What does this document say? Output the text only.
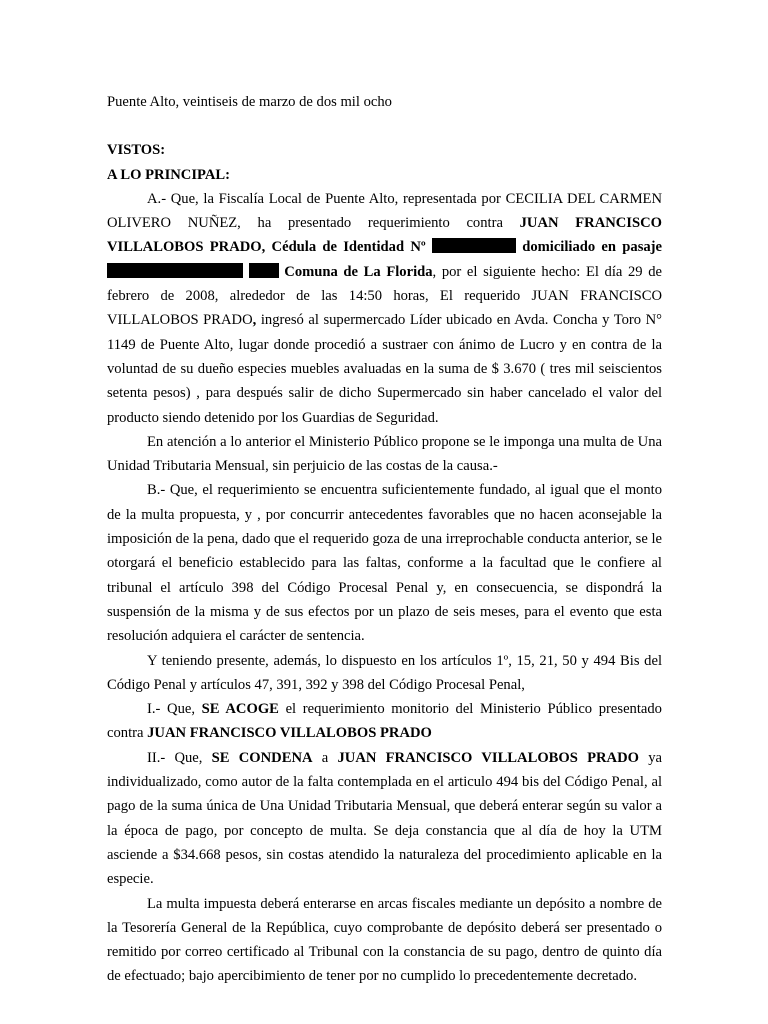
Puente Alto, veintiseis de marzo de dos mil ocho

VISTOS:

A LO PRINCIPAL:

A.- Que, la Fiscalía Local de Puente Alto, representada por CECILIA DEL CARMEN OLIVERO NUÑEZ, ha presentado requerimiento contra JUAN FRANCISCO VILLALOBOS PRADO, Cédula de Identidad Nº	domiciliado en pasaje   Comuna de La Florida, por el siguiente hecho: El día 29 de febrero de 2008, alrededor de las 14:50 horas, El requerido JUAN FRANCISCO VILLALOBOS PRADO, ingresó al supermercado Líder ubicado en Avda. Concha y Toro N° 1149 de Puente Alto, lugar donde procedió a sustraer con ánimo de Lucro y en contra de la voluntad de su dueño especies muebles avaluadas en la suma de $ 3.670 ( tres mil seiscientos setenta pesos) , para después salir de dicho Supermercado sin haber cancelado el valor del producto siendo detenido por los Guardias de Seguridad.

En atención a lo anterior el Ministerio Público propone se le imponga una multa de Una Unidad Tributaria Mensual, sin perjuicio de las costas de la causa.-

B.- Que, el requerimiento se encuentra suficientemente fundado, al igual que el monto de la multa propuesta, y , por concurrir antecedentes favorables que no hacen aconsejable la imposición de la pena, dado que el requerido goza de una irreprochable conducta anterior, se le otorgará el beneficio establecido para las faltas, conforme a la facultad que le confiere al tribunal el artículo 398 del Código Procesal Penal y, en consecuencia, se dispondrá la suspensión de la misma y de sus efectos por un plazo de seis meses, para el evento que esta resolución adquiera el carácter de sentencia.

Y teniendo presente, además, lo dispuesto en los artículos 1º, 15, 21, 50 y 494 Bis del Código Penal y artículos 47, 391, 392 y 398 del Código Procesal Penal,

I.- Que, SE ACOGE el requerimiento monitorio del Ministerio Público presentado contra JUAN FRANCISCO VILLALOBOS PRADO

II.- Que, SE CONDENA a JUAN FRANCISCO VILLALOBOS PRADO ya individualizado, como autor de la falta contemplada en el articulo 494 bis del Código Penal, al pago de la suma única de Una Unidad Tributaria Mensual, que deberá enterar según su valor a la época de pago, por concepto de multa. Se deja constancia que al día de hoy la UTM asciende a $34.668 pesos, sin costas atendido la naturaleza del procedimiento aplicable en la especie.

La multa impuesta deberá enterarse en arcas fiscales mediante un depósito a nombre de la Tesorería General de la República, cuyo comprobante de depósito deberá ser presentado o remitido por correo certificado al Tribunal con la constancia de su pago, dentro de quinto día de efectuado; bajo apercibimiento de tener por no cumplido lo precedentemente decretado.
